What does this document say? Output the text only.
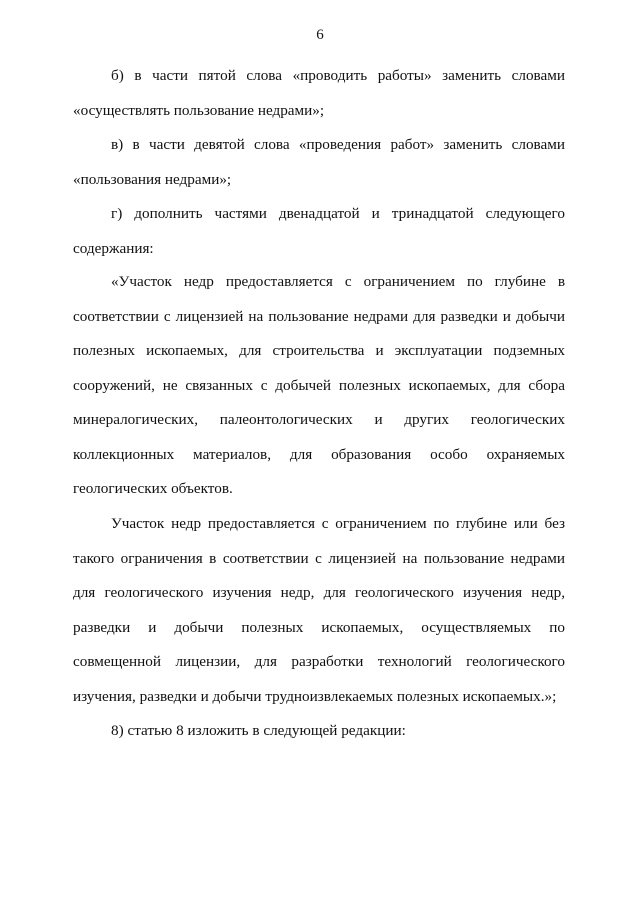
6

б) в части пятой слова «проводить работы» заменить словами «осуществлять пользование недрами»;

в) в части девятой слова «проведения работ» заменить словами «пользования недрами»;

г) дополнить частями двенадцатой и тринадцатой следующего содержания:

«Участок недр предоставляется с ограничением по глубине в соответствии с лицензией на пользование недрами для разведки и добычи полезных ископаемых, для строительства и эксплуатации подземных сооружений, не связанных с добычей полезных ископаемых, для сбора минералогических, палеонтологических и других геологических коллекционных материалов, для образования особо охраняемых геологических объектов.

Участок недр предоставляется с ограничением по глубине или без такого ограничения в соответствии с лицензией на пользование недрами для геологического изучения недр, для геологического изучения недр, разведки и добычи полезных ископаемых, осуществляемых по совмещенной лицензии, для разработки технологий геологического изучения, разведки и добычи трудноизвлекаемых полезных ископаемых.»;

8) статью 8 изложить в следующей редакции:
